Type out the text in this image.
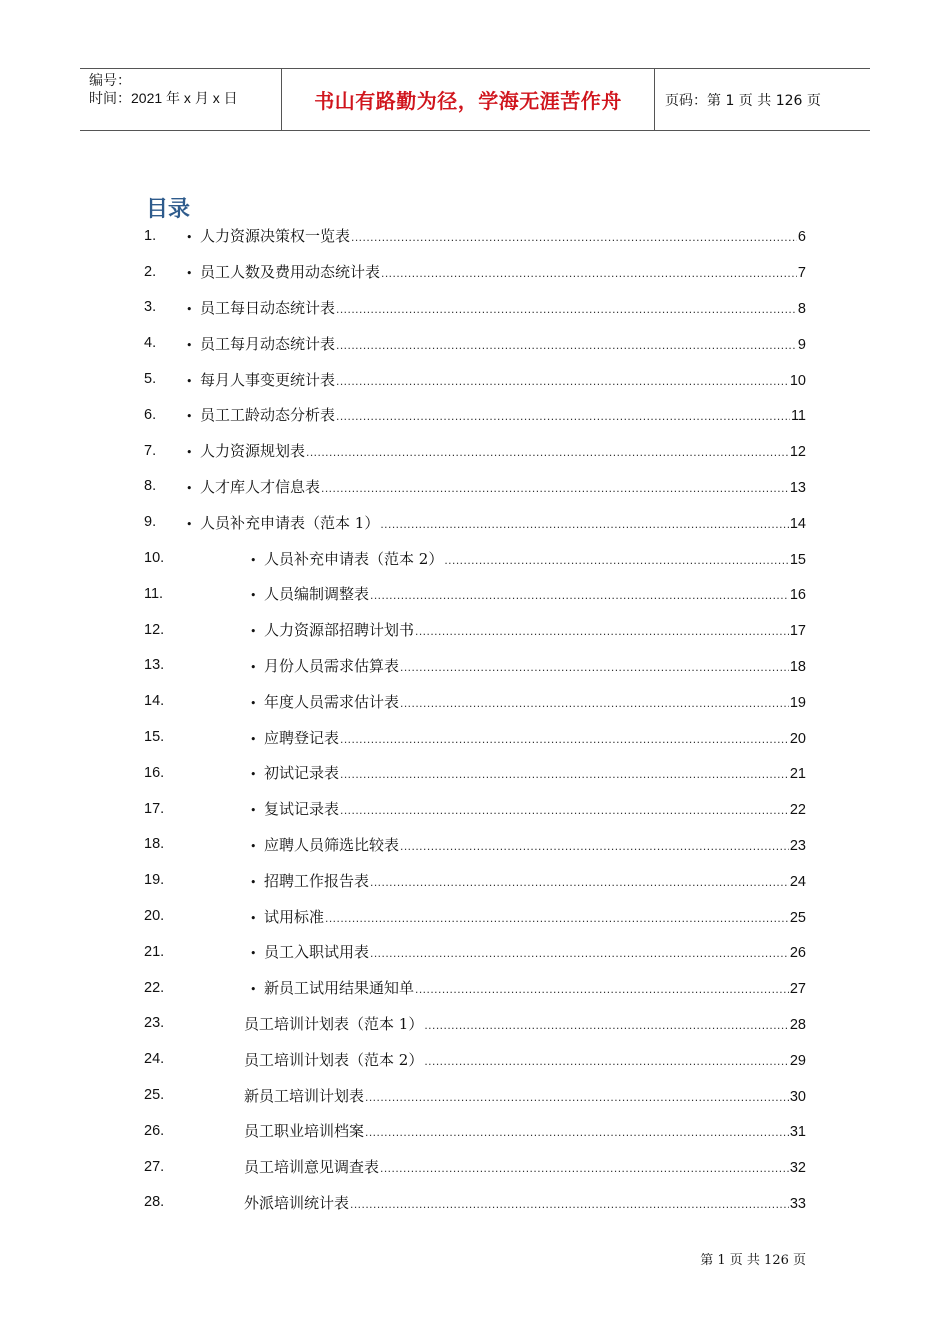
编号：
时间：2021 年 x 月 x 日	书山有路勤为径，学海无涯苦作舟	页码：第 1 页 共 126 页
目录
1.	• 人力资源决策权一览表 .....	6
2.	• 员工人数及费用动态统计表 .....	7
3.	• 员工每日动态统计表 .....	8
4.	• 员工每月动态统计表 .....	9
5.	• 每月人事变更统计表 .....	10
6.	• 员工工龄动态分析表 .....	11
7.	• 人力资源规划表 .....	12
8.	• 人才库人才信息表 .....	13
9.	• 人员补充申请表（范本 1） .....	14
10.	• 人员补充申请表（范本 2） .....	15
11.	• 人员编制调整表 .....	16
12.	• 人力资源部招聘计划书 .....	17
13.	• 月份人员需求估算表 .....	18
14.	• 年度人员需求估计表 .....	19
15.	• 应聘登记表 .....	20
16.	• 初试记录表 .....	21
17.	• 复试记录表 .....	22
18.	• 应聘人员筛选比较表 .....	23
19.	• 招聘工作报告表 .....	24
20.	• 试用标准 .....	25
21.	• 员工入职试用表 .....	26
22.	• 新员工试用结果通知单 .....	27
23.	员工培训计划表（范本 1） .....	28
24.	员工培训计划表（范本 2） .....	29
25.	新员工培训计划表 .....	30
26.	员工职业培训档案 .....	31
27.	员工培训意见调查表 .....	32
28.	外派培训统计表 .....	33
第 1 页 共 126 页
